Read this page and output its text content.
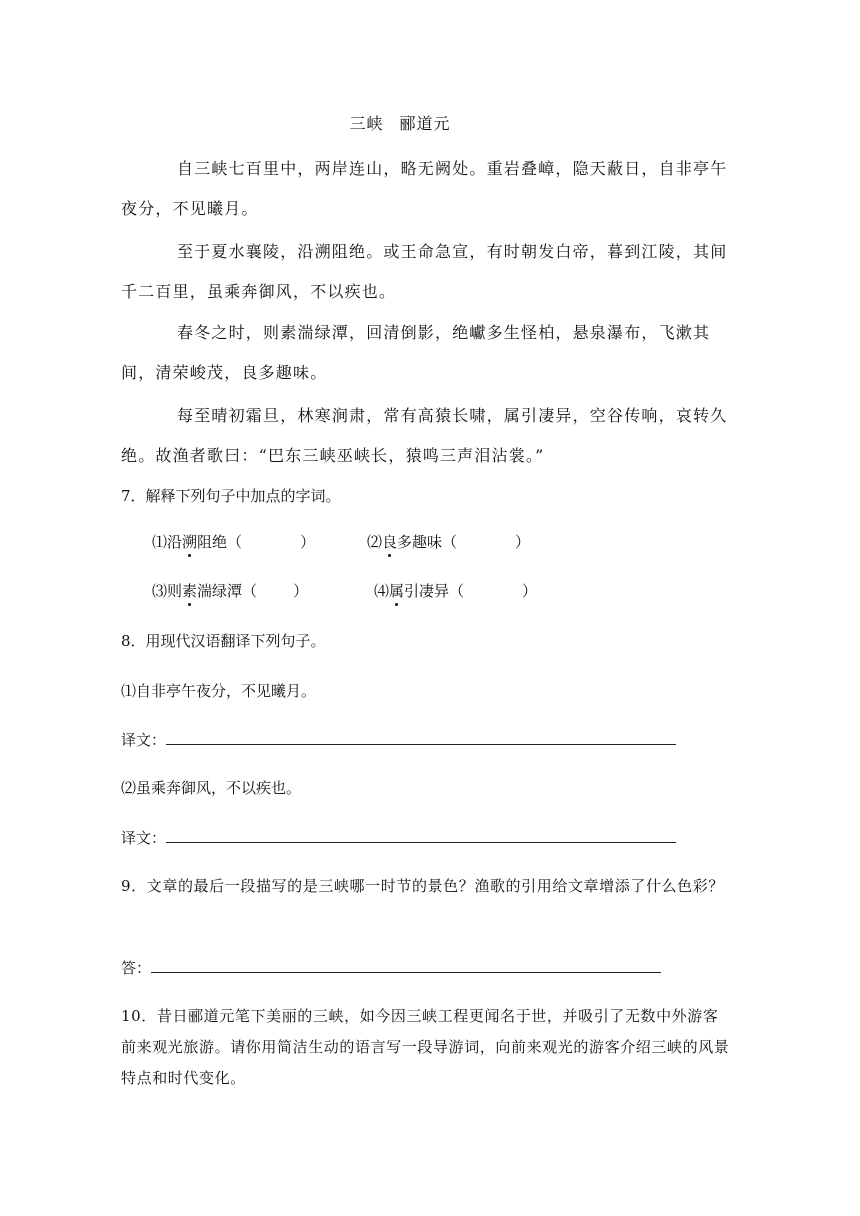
三峡 郦道元
自三峡七百里中，两岸连山，略无阙处。重岩叠嶂，隐天蔽日，自非亭午夜分，不见曦月。
至于夏水襄陵，沿溯阻绝。或王命急宣，有时朝发白帝，暮到江陵，其间千二百里，虽乘奔御风，不以疾也。
春冬之时，则素湍绿潭，回清倒影，绝巘多生怪柏，悬泉瀑布，飞漱其间，清荣峻茂，良多趣味。
每至晴初霜旦，林寒涧肃，常有高猿长啸，属引凄异，空谷传响，哀转久绝。故渔者歌曰：“巴东三峡巫峡长，猿鸣三声泪沾裳。”
7．解释下列句子中加点的字词。
⑴沿溯阻绝（	）	⑵良多趣味（	）
⑶则素湍绿潭（ ）	⑷属引凄异（	）
8．用现代汉语翻译下列句子。
⑴自非亭午夜分，不见曦月。
译文：
⑵虽乘奔御风，不以疾也。
译文：
9．文章的最后一段描写的是三峡哪一时节的景色？渔歌的引用给文章增添了什么色彩？
答：
10．昔日郦道元笔下美丽的三峡，如今因三峡工程更闻名于世，并吸引了无数中外游客前来观光旅游。请你用简洁生动的语言写一段导游词，向前来观光的游客介绍三峡的风景特点和时代变化。
